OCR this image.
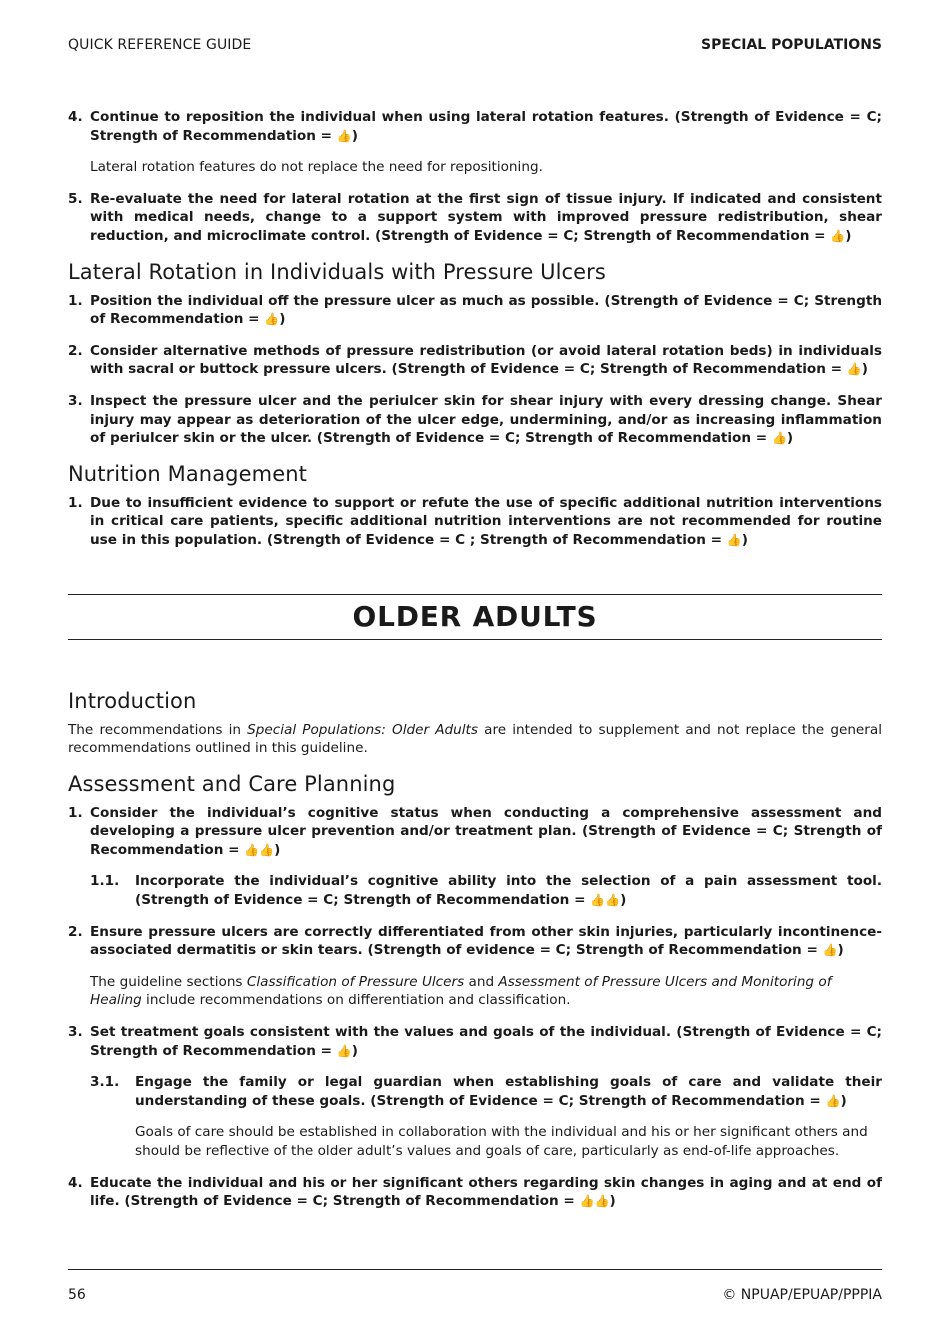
QUICK REFERENCE GUIDE	SPECIAL POPULATIONS
4. Continue to reposition the individual when using lateral rotation features. (Strength of Evidence = C; Strength of Recommendation = 👍)
Lateral rotation features do not replace the need for repositioning.
5. Re-evaluate the need for lateral rotation at the first sign of tissue injury. If indicated and consistent with medical needs, change to a support system with improved pressure redistribution, shear reduction, and microclimate control. (Strength of Evidence = C; Strength of Recommendation = 👍)
Lateral Rotation in Individuals with Pressure Ulcers
1. Position the individual off the pressure ulcer as much as possible. (Strength of Evidence = C; Strength of Recommendation = 👍)
2. Consider alternative methods of pressure redistribution (or avoid lateral rotation beds) in individuals with sacral or buttock pressure ulcers. (Strength of Evidence = C; Strength of Recommendation = 👍)
3. Inspect the pressure ulcer and the periulcer skin for shear injury with every dressing change. Shear injury may appear as deterioration of the ulcer edge, undermining, and/or as increasing inflammation of periulcer skin or the ulcer. (Strength of Evidence = C; Strength of Recommendation = 👍)
Nutrition Management
1. Due to insufficient evidence to support or refute the use of specific additional nutrition interventions in critical care patients, specific additional nutrition interventions are not recommended for routine use in this population. (Strength of Evidence = C ; Strength of Recommendation = 👍)
OLDER ADULTS
Introduction
The recommendations in Special Populations: Older Adults are intended to supplement and not replace the general recommendations outlined in this guideline.
Assessment and Care Planning
1. Consider the individual’s cognitive status when conducting a comprehensive assessment and developing a pressure ulcer prevention and/or treatment plan. (Strength of Evidence = C; Strength of Recommendation = 👍👍)
1.1. Incorporate the individual’s cognitive ability into the selection of a pain assessment tool. (Strength of Evidence = C; Strength of Recommendation = 👍👍)
2. Ensure pressure ulcers are correctly differentiated from other skin injuries, particularly incontinence-associated dermatitis or skin tears. (Strength of evidence = C; Strength of Recommendation = 👍)
The guideline sections Classification of Pressure Ulcers and Assessment of Pressure Ulcers and Monitoring of Healing include recommendations on differentiation and classification.
3. Set treatment goals consistent with the values and goals of the individual. (Strength of Evidence = C; Strength of Recommendation = 👍)
3.1. Engage the family or legal guardian when establishing goals of care and validate their understanding of these goals. (Strength of Evidence = C; Strength of Recommendation = 👍)
Goals of care should be established in collaboration with the individual and his or her significant others and should be reflective of the older adult’s values and goals of care, particularly as end-of-life approaches.
4. Educate the individual and his or her significant others regarding skin changes in aging and at end of life. (Strength of Evidence = C; Strength of Recommendation = 👍👍)
56	© NPUAP/EPUAP/PPPIA
